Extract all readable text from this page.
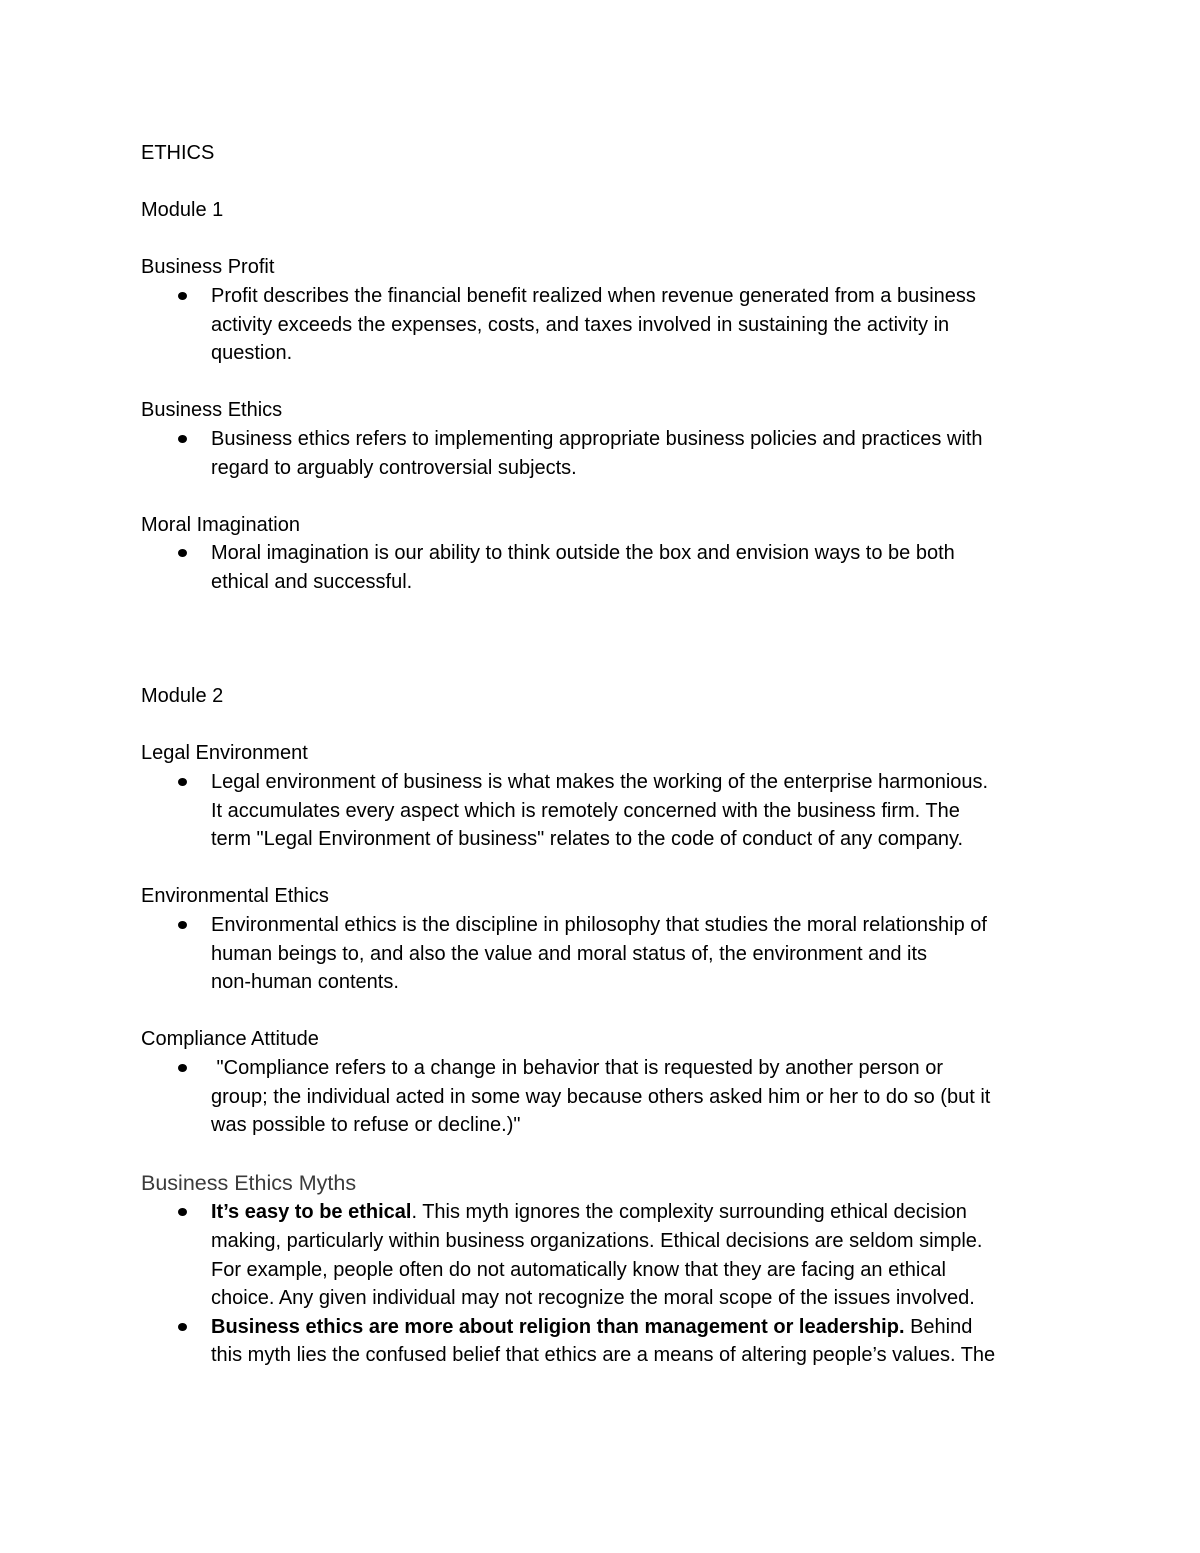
ETHICS

Module 1

Business Profit

Profit describes the financial benefit realized when revenue generated from a business

activity exceeds the expenses, costs, and taxes involved in sustaining the activity in

question.

Business Ethics

Business ethics refers to implementing appropriate business policies and practices with

regard to arguably controversial subjects.

Moral Imagination

Moral imagination is our ability to think outside the box and envision ways to be both

ethical and successful.

Module 2

Legal Environment

Legal environment of business is what makes the working of the enterprise harmonious.

It accumulates every aspect which is remotely concerned with the business firm. The

term "Legal Environment of business" relates to the code of conduct of any company.

Environmental Ethics

Environmental ethics is the discipline in philosophy that studies the moral relationship of

human beings to, and also the value and moral status of, the environment and its

non-human contents.

Compliance Attitude

"Compliance refers to a change in behavior that is requested by another person or

group; the individual acted in some way because others asked him or her to do so (but it

was possible to refuse or decline.)"

Business Ethics Myths

It’s easy to be ethical. This myth ignores the complexity surrounding ethical decision

making, particularly within business organizations. Ethical decisions are seldom simple.

For example, people often do not automatically know that they are facing an ethical

choice. Any given individual may not recognize the moral scope of the issues involved.

Business ethics are more about religion than management or leadership. Behind

this myth lies the confused belief that ethics are a means of altering people’s values. The
